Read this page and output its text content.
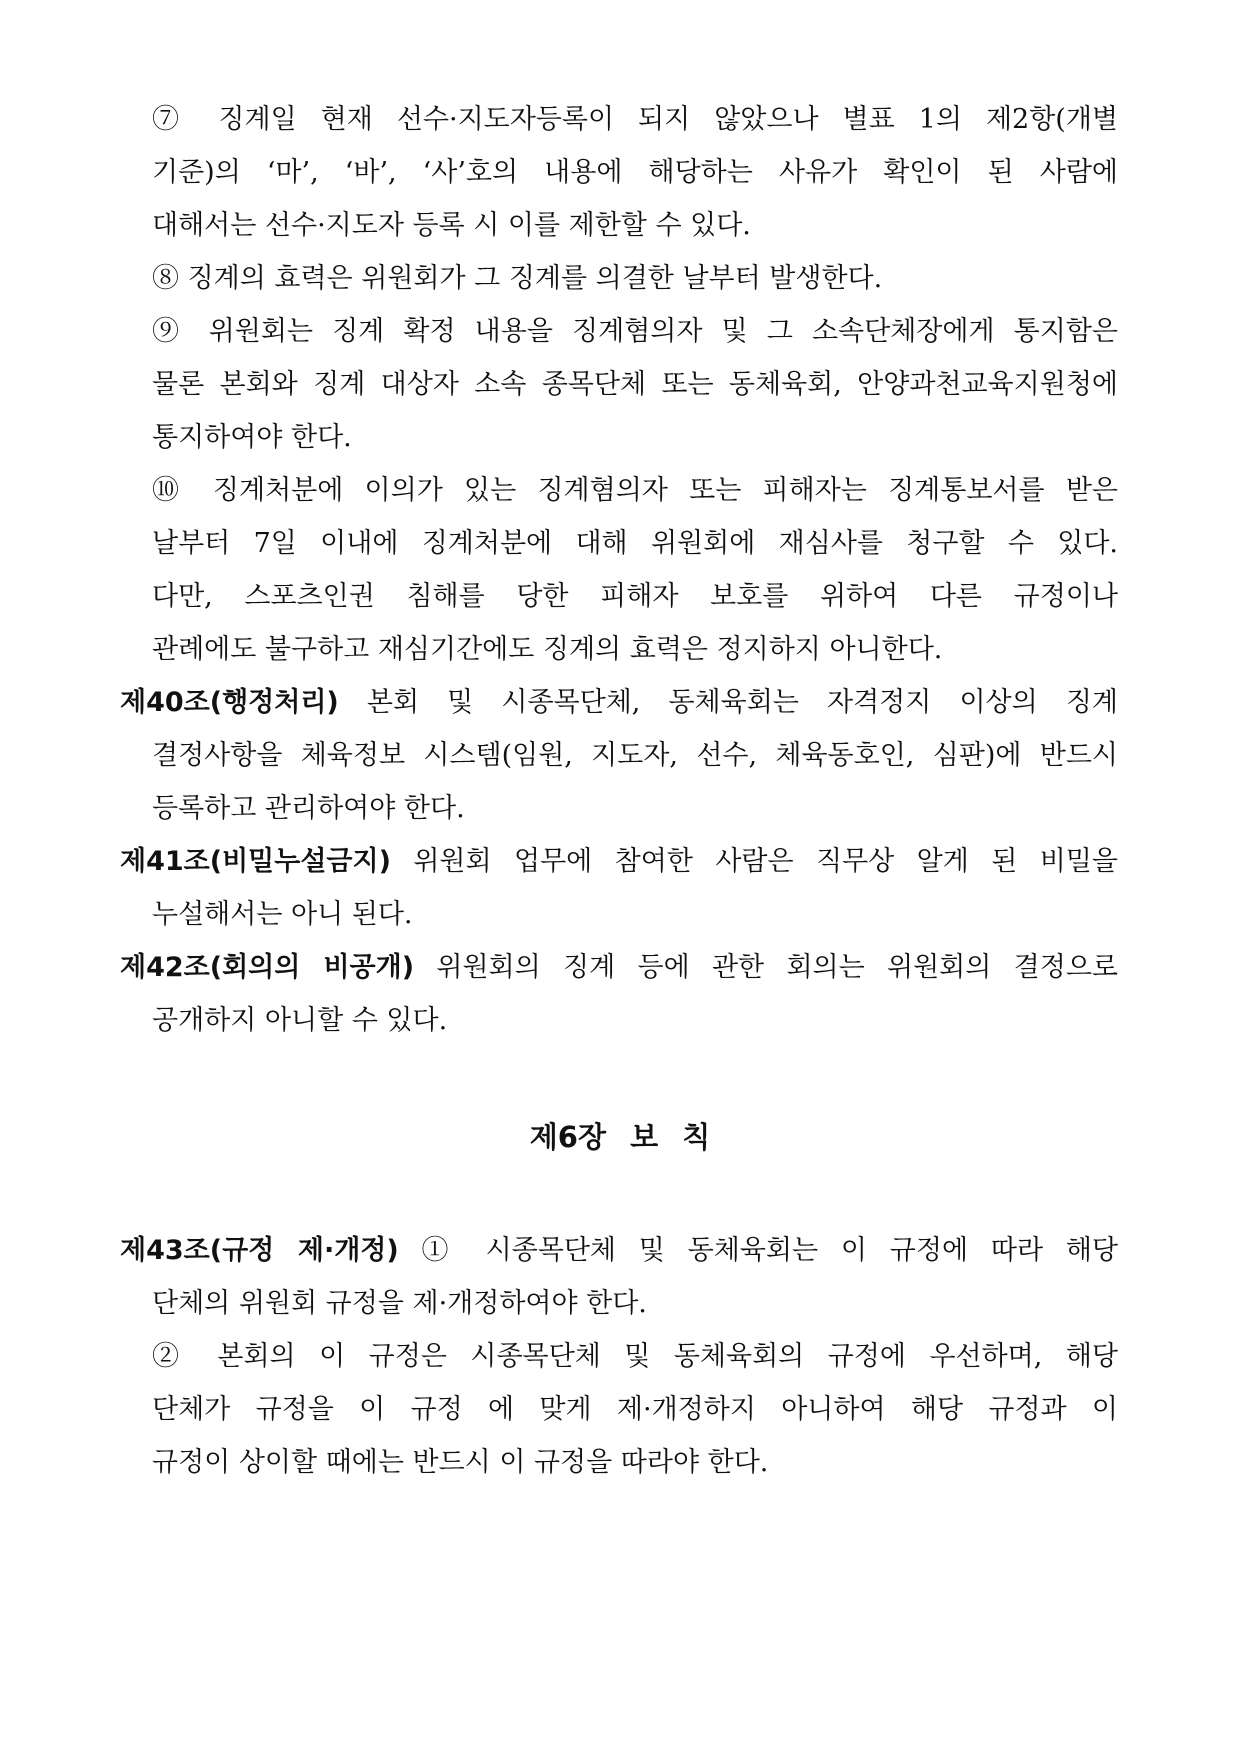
⑦ 징계일 현재 선수·지도자등록이 되지 않았으나 별표 1의 제2항(개별
기준)의 ‘마’, ‘바’, ‘사’호의 내용에 해당하는 사유가 확인이 된 사람에
대해서는 선수·지도자 등록 시 이를 제한할 수 있다.
⑧ 징계의 효력은 위원회가 그 징계를 의결한 날부터 발생한다.
⑨ 위원회는 징계 확정 내용을 징계혐의자 및 그 소속단체장에게 통지함은
물론 본회와 징계 대상자 소속 종목단체 또는 동체육회, 안양과천교육지원청에
통지하여야 한다.
⑩ 징계처분에 이의가 있는 징계혐의자 또는 피해자는 징계통보서를 받은
날부터 7일 이내에 징계처분에 대해 위원회에 재심사를 청구할 수 있다.
다만, 스포츠인권 침해를 당한 피해자 보호를 위하여 다른 규정이나
관례에도 불구하고 재심기간에도 징계의 효력은 정지하지 아니한다.
제40조(행정처리) 본회 및 시종목단체, 동체육회는 자격정지 이상의 징계
결정사항을 체육정보 시스템(임원, 지도자, 선수, 체육동호인, 심판)에 반드시
등록하고 관리하여야 한다.
제41조(비밀누설금지) 위원회 업무에 참여한 사람은 직무상 알게 된 비밀을
누설해서는 아니 된다.
제42조(회의의 비공개) 위원회의 징계 등에 관한 회의는 위원회의 결정으로
공개하지 아니할 수 있다.
제6장 보 칙
제43조(규정 제·개정) ① 시종목단체 및 동체육회는 이 규정에 따라 해당
단체의 위원회 규정을 제·개정하여야 한다.
② 본회의 이 규정은 시종목단체 및 동체육회의 규정에 우선하며, 해당
단체가 규정을 이 규정 에 맞게 제·개정하지 아니하여 해당 규정과 이
규정이 상이할 때에는 반드시 이 규정을 따라야 한다.
